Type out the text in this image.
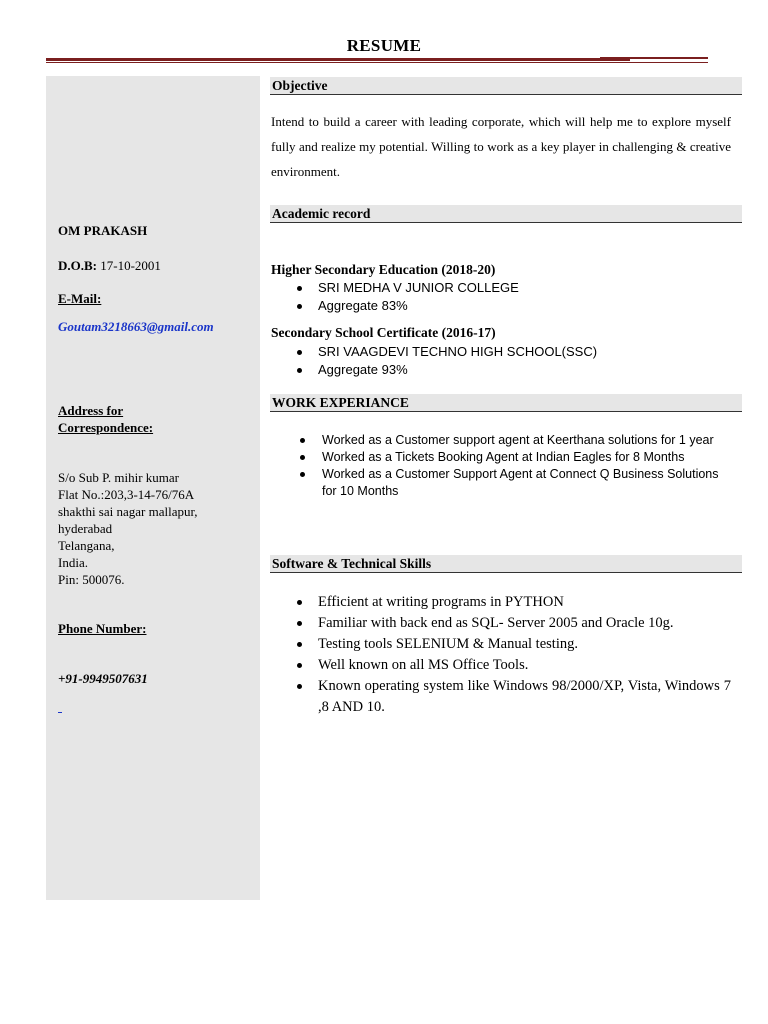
RESUME
OM PRAKASH
D.O.B: 17-10-2001
E-Mail:
Goutam3218663@gmail.com
Address for
Correspondence:
S/o Sub P. mihir kumar
Flat No.:203,3-14-76/76A
shakthi sai nagar mallapur,
hyderabad
Telangana,
India.
Pin: 500076.
Phone Number:
+91-9949507631
Objective
Intend to build a career with leading corporate, which will help me to explore myself fully and realize my potential. Willing to work as a key player in challenging & creative environment.
Academic record
Higher Secondary Education (2018-20)
SRI MEDHA V JUNIOR COLLEGE
Aggregate 83%
Secondary School Certificate (2016-17)
SRI VAAGDEVI TECHNO HIGH SCHOOL(SSC)
Aggregate 93%
WORK EXPERIANCE
Worked as a Customer support agent at Keerthana solutions for 1 year
Worked as a Tickets Booking Agent at Indian Eagles for 8 Months
Worked as a Customer Support Agent at Connect Q Business Solutions for 10 Months
Software & Technical Skills
Efficient at writing programs in PYTHON
Familiar with back end as SQL- Server 2005 and Oracle 10g.
Testing tools SELENIUM & Manual testing.
Well known on all MS Office Tools.
Known operating system like Windows 98/2000/XP, Vista, Windows 7 ,8 AND 10.
